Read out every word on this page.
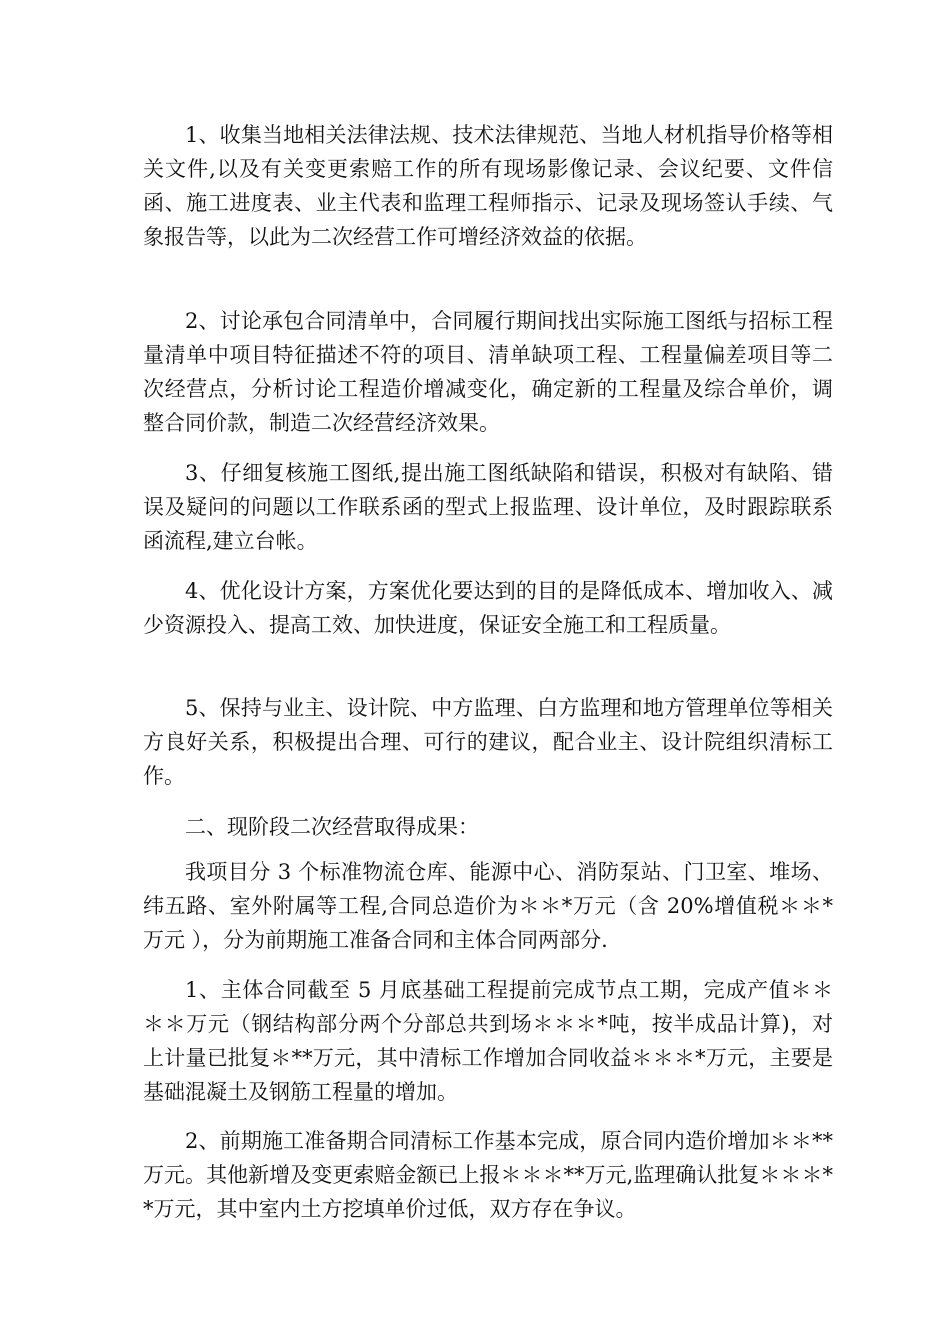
1、收集当地相关法律法规、技术法律规范、当地人材机指导价格等相关文件,以及有关变更索赔工作的所有现场影像记录、会议纪要、文件信函、施工进度表、业主代表和监理工程师指示、记录及现场签认手续、气象报告等，以此为二次经营工作可增经济效益的依据。

2、讨论承包合同清单中，合同履行期间找出实际施工图纸与招标工程量清单中项目特征描述不符的项目、清单缺项工程、工程量偏差项目等二次经营点，分析讨论工程造价增减变化，确定新的工程量及综合单价，调整合同价款，制造二次经营经济效果。

3、仔细复核施工图纸,提出施工图纸缺陷和错误，积极对有缺陷、错误及疑问的问题以工作联系函的型式上报监理、设计单位，及时跟踪联系函流程,建立台帐。

4、优化设计方案，方案优化要达到的目的是降低成本、增加收入、减少资源投入、提高工效、加快进度，保证安全施工和工程质量。

5、保持与业主、设计院、中方监理、白方监理和地方管理单位等相关方良好关系，积极提出合理、可行的建议，配合业主、设计院组织清标工作。

二、现阶段二次经营取得成果：

我项目分 3 个标准物流仓库、能源中心、消防泵站、门卫室、堆场、纬五路、室外附属等工程,合同总造价为＊＊*万元（含 20%增值税＊＊*万元 ），分为前期施工准备合同和主体合同两部分.

1、主体合同截至 5 月底基础工程提前完成节点工期，完成产值＊＊＊＊万元（钢结构部分两个分部总共到场＊＊＊*吨，按半成品计算)，对上计量已批复＊**万元，其中清标工作增加合同收益＊＊＊*万元，主要是基础混凝土及钢筋工程量的增加。

2、前期施工准备期合同清标工作基本完成，原合同内造价增加＊＊**万元。其他新增及变更索赔金额已上报＊＊＊**万元,监理确认批复＊＊＊**万元，其中室内土方挖填单价过低，双方存在争议。
